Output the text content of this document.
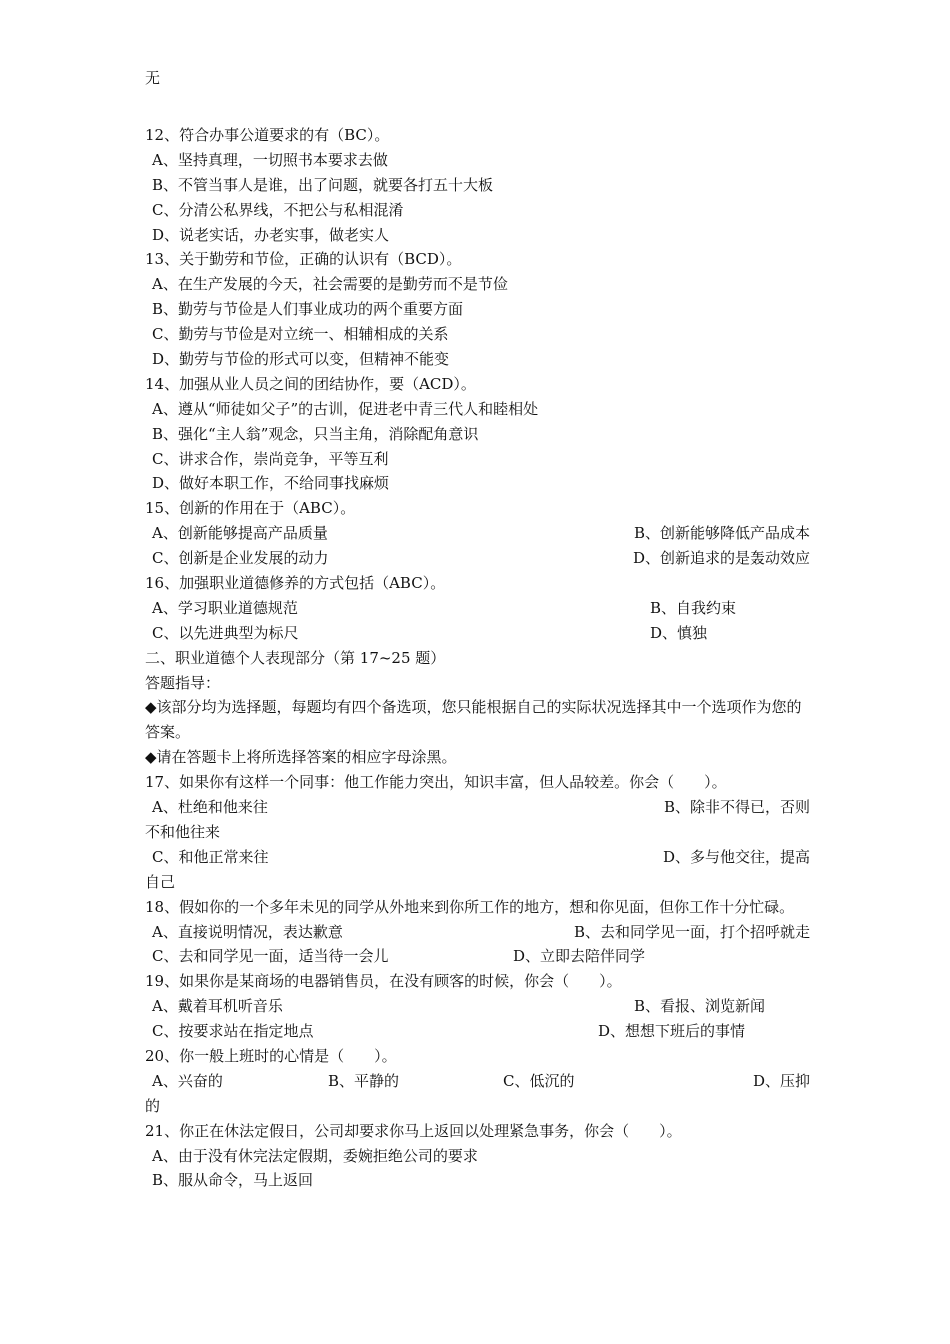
无
12、符合办事公道要求的有（BC）。
A、坚持真理，一切照书本要求去做
B、不管当事人是谁，出了问题，就要各打五十大板
C、分清公私界线，不把公与私相混淆
D、说老实话，办老实事，做老实人
13、关于勤劳和节俭，正确的认识有（BCD）。
A、在生产发展的今天，社会需要的是勤劳而不是节俭
B、勤劳与节俭是人们事业成功的两个重要方面
C、勤劳与节俭是对立统一、相辅相成的关系
D、勤劳与节俭的形式可以变，但精神不能变
14、加强从业人员之间的团结协作，要（ACD）。
A、遵从“师徒如父子”的古训，促进老中青三代人和睦相处
B、强化“主人翁”观念，只当主角，消除配角意识
C、讲求合作，崇尚竞争，平等互利
D、做好本职工作，不给同事找麻烦
15、创新的作用在于（ABC）。
A、创新能够提高产品质量	B、创新能够降低产品成本
C、创新是企业发展的动力	D、创新追求的是轰动效应
16、加强职业道德修养的方式包括（ABC）。
A、学习职业道德规范	B、自我约束
C、以先进典型为标尺	D、慎独
二、职业道德个人表现部分（第 17~25 题）
答题指导：
◆该部分均为选择题，每题均有四个备选项，您只能根据自己的实际状况选择其中一个选项作为您的答案。
◆请在答题卡上将所选择答案的相应字母涂黑。
17、如果你有这样一个同事：他工作能力突出，知识丰富，但人品较差。你会（　　）。
A、杜绝和他来往	B、除非不得已，否则
不和他往来
C、和他正常来往	D、多与他交往，提高
自己
18、假如你的一个多年未见的同学从外地来到你所工作的地方，想和你见面，但你工作十分忙碌。
A、直接说明情况，表达歉意	B、去和同学见一面，打个招呼就走
C、去和同学见一面，适当待一会儿	D、立即去陪伴同学
19、如果你是某商场的电器销售员，在没有顾客的时候，你会（　　）。
A、戴着耳机听音乐	B、看报、浏览新闻
C、按要求站在指定地点	D、想想下班后的事情
20、你一般上班时的心情是（　　）。
A、兴奋的	B、平静的	C、低沉的	D、压抑
的
21、你正在休法定假日，公司却要求你马上返回以处理紧急事务，你会（　　）。
A、由于没有休完法定假期，委婉拒绝公司的要求
B、服从命令，马上返回
